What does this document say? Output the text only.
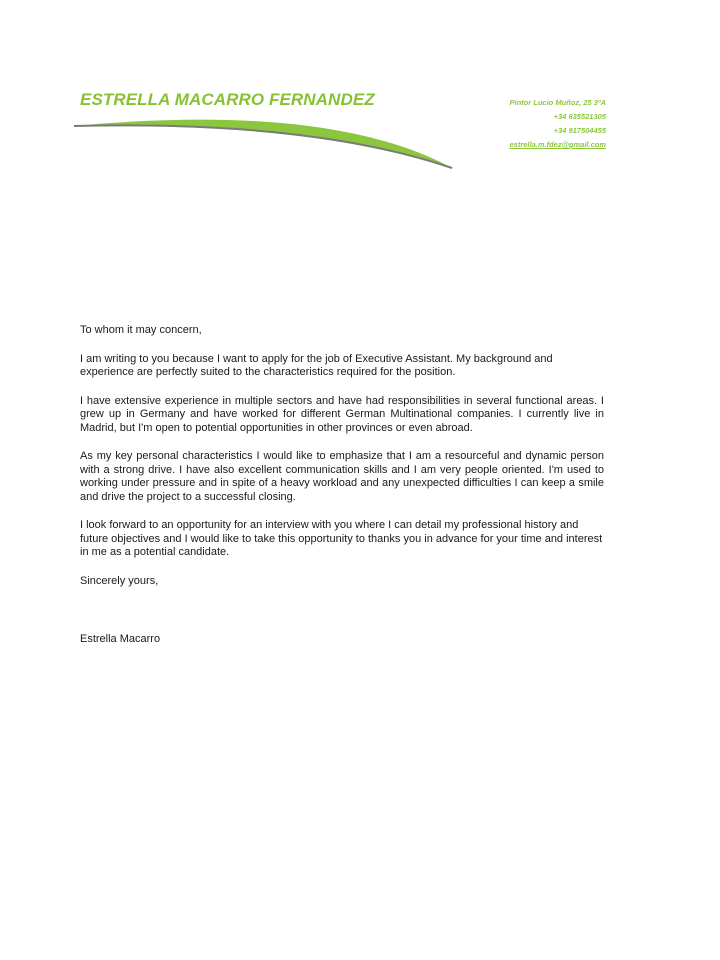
ESTRELLA MACARRO FERNANDEZ	Pintor Lucio Muñoz, 25 3ºA
+34 635521305
+34 917504455
estrella.m.fdez@gmail.com

To whom it may concern,

I am writing to you because I want to apply for the job of Executive Assistant. My background and experience are perfectly suited to the characteristics required for the position.

I have extensive experience in multiple sectors and have had responsibilities in several functional areas. I grew up in Germany and have worked for different German Multinational companies. I currently live in Madrid, but I'm open to potential opportunities in other provinces or even abroad.

As my key personal characteristics I would like to emphasize that I am a resourceful and dynamic person with a strong drive. I have also excellent communication skills and I am very people oriented. I'm used to working under pressure and in spite of a heavy workload and any unexpected difficulties I can keep a smile and drive the project to a successful closing.

I look forward to an opportunity for an interview with you where I can detail my professional history and future objectives and I would like to take this opportunity to thanks you in advance for your time and interest in me as a potential candidate.

Sincerely yours,

Estrella Macarro
